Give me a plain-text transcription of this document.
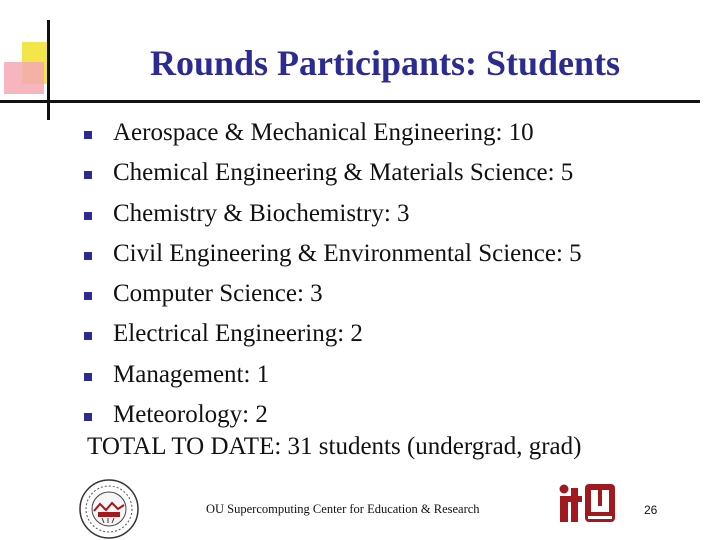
Rounds Participants: Students
Aerospace & Mechanical Engineering: 10
Chemical Engineering & Materials Science: 5
Chemistry & Biochemistry: 3
Civil Engineering & Environmental Science: 5
Computer Science: 3
Electrical Engineering: 2
Management: 1
Meteorology: 2
TOTAL TO DATE: 31 students (undergrad, grad)
OU Supercomputing Center for Education & Research	26
